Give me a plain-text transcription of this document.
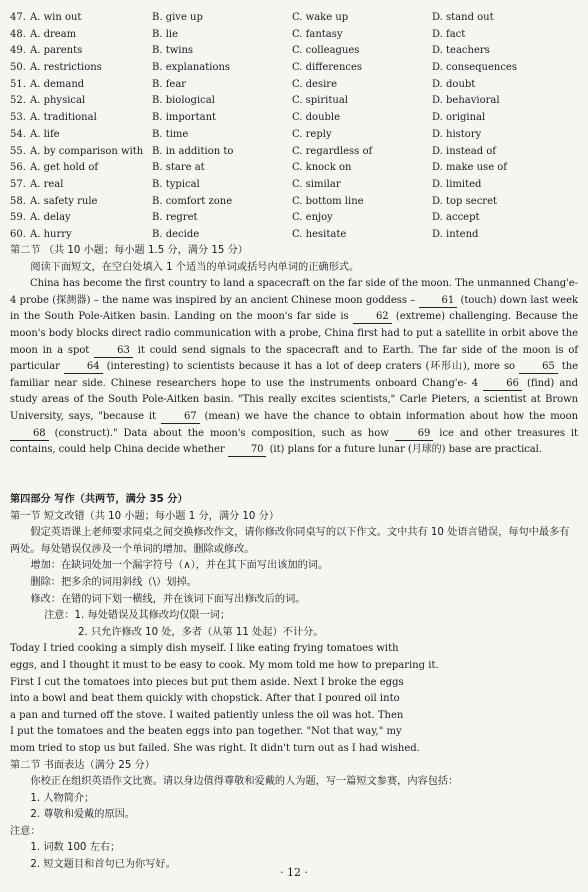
47. A. win out	B. give up	C. wake up	D. stand out
48. A. dream	B. lie	C. fantasy	D. fact
49. A. parents	B. twins	C. colleagues	D. teachers
50. A. restrictions	B. explanations	C. differences	D. consequences
51. A. demand	B. fear	C. desire	D. doubt
52. A. physical	B. biological	C. spiritual	D. behavioral
53. A. traditional	B. important	C. double	D. original
54. A. life	B. time	C. reply	D. history
55. A. by comparison with B. in addition to	C. regardless of	D. instead of
56. A. get hold of	B. stare at	C. knock on	D. make use of
57. A. real	B. typical	C. similar	D. limited
58. A. safety rule	B. comfort zone	C. bottom line	D. top secret
59. A. delay	B. regret	C. enjoy	D. accept
60. A. hurry	B. decide	C. hesitate	D. intend
第二节 （共 10 小题；每小题 1.5 分，满分 15 分）
阅读下面短文，在空白处填入 1 个适当的单词或括号内单词的正确形式。
China has become the first country to land a spacecraft on the far side of the moon. The unmanned Chang'e- 4 probe (探测器) – the name was inspired by an ancient Chinese moon goddess –	61 (touch) down last week in the South Pole-Aitken basin. Landing on the moon's far side is	62 (extreme) challenging. Because the moon's body blocks direct radio communication with a probe, China first had to put a satellite in orbit above the moon in a spot	63 it could send signals to the spacecraft and to Earth. The far side of the moon is of particular	64 (interesting) to scientists because it has a lot of deep craters (环形山), more so	65 the familiar near side. Chinese researchers hope to use the instruments onboard Chang'e- 4	66 (find) and study areas of the South Pole-Aitken basin. "This really excites scientists," Carle Pieters, a scientist at Brown University, says, "because it	67 (mean) we have the chance to obtain information about how the moon 68 (construct)." Data about the moon's composition, such as how	69 ice and other treasures it contains, could help China decide whether	70 (it) plans for a future lunar (月球的) base are practical.
第四部分 写作（共两节，满分 35 分）
第一节 短文改错（共 10 小题；每小题 1 分，满分 10 分）
假定英语课上老师要求同桌之间交换修改作文，请你修改你同桌写的以下作文。文中共有 10 处语言错误，每句中最多有两处。每处错误仅涉及一个单词的增加、删除或修改。
增加：在缺词处加一个漏字符号（∧），并在其下面写出该加的词。
删除：把多余的词用斜线（\）划掉。
修改：在错的词下划一横线，并在该词下面写出修改后的词。
注意：1. 每处错误及其修改均仅限一词；
2. 只允许修改 10 处，多者（从第 11 处起）不计分。
Today I tried cooking a simply dish myself. I like eating frying tomatoes with
eggs, and I thought it must to be easy to cook. My mom told me how to preparing it.
First I cut the tomatoes into pieces but put them aside. Next I broke the eggs
into a bowl and beat them quickly with chopstick. After that I poured oil into
a pan and turned off the stove. I waited patiently unless the oil was hot. Then
I put the tomatoes and the beaten eggs into pan together. "Not that way," my
mom tried to stop us but failed. She was right. It didn't turn out as I had wished.
第二节 书面表达（满分 25 分）
你校正在组织英语作文比赛。请以身边值得尊敬和爱戴的人为题，写一篇短文参赛，内容包括：
1. 人物简介；
2. 尊敬和爱戴的原因。
注意：
1. 词数 100 左右；
2. 短文题目和首句已为你写好。
· 12 ·
